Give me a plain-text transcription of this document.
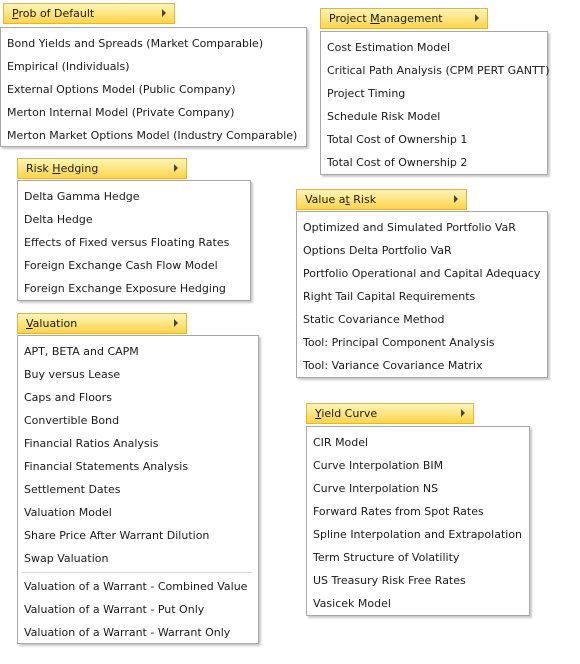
Prob of Default
Bond Yields and Spreads (Market Comparable)
Empirical (Individuals)
External Options Model (Public Company)
Merton Internal Model (Private Company)
Merton Market Options Model (Industry Comparable)
Project Management
Cost Estimation Model
Critical Path Analysis (CPM PERT GANTT)
Project Timing
Schedule Risk Model
Total Cost of Ownership 1
Total Cost of Ownership 2
Risk Hedging
Delta Gamma Hedge
Delta Hedge
Effects of Fixed versus Floating Rates
Foreign Exchange Cash Flow Model
Foreign Exchange Exposure Hedging
Value at Risk
Optimized and Simulated Portfolio VaR
Options Delta Portfolio VaR
Portfolio Operational and Capital Adequacy
Right Tail Capital Requirements
Static Covariance Method
Tool: Principal Component Analysis
Tool: Variance Covariance Matrix
Valuation
APT, BETA and CAPM
Buy versus Lease
Caps and Floors
Convertible Bond
Financial Ratios Analysis
Financial Statements Analysis
Settlement Dates
Valuation Model
Share Price After Warrant Dilution
Swap Valuation
Valuation of a Warrant - Combined Value
Valuation of a Warrant - Put Only
Valuation of a Warrant - Warrant Only
Yield Curve
CIR Model
Curve Interpolation BIM
Curve Interpolation NS
Forward Rates from Spot Rates
Spline Interpolation and Extrapolation
Term Structure of Volatility
US Treasury Risk Free Rates
Vasicek Model
